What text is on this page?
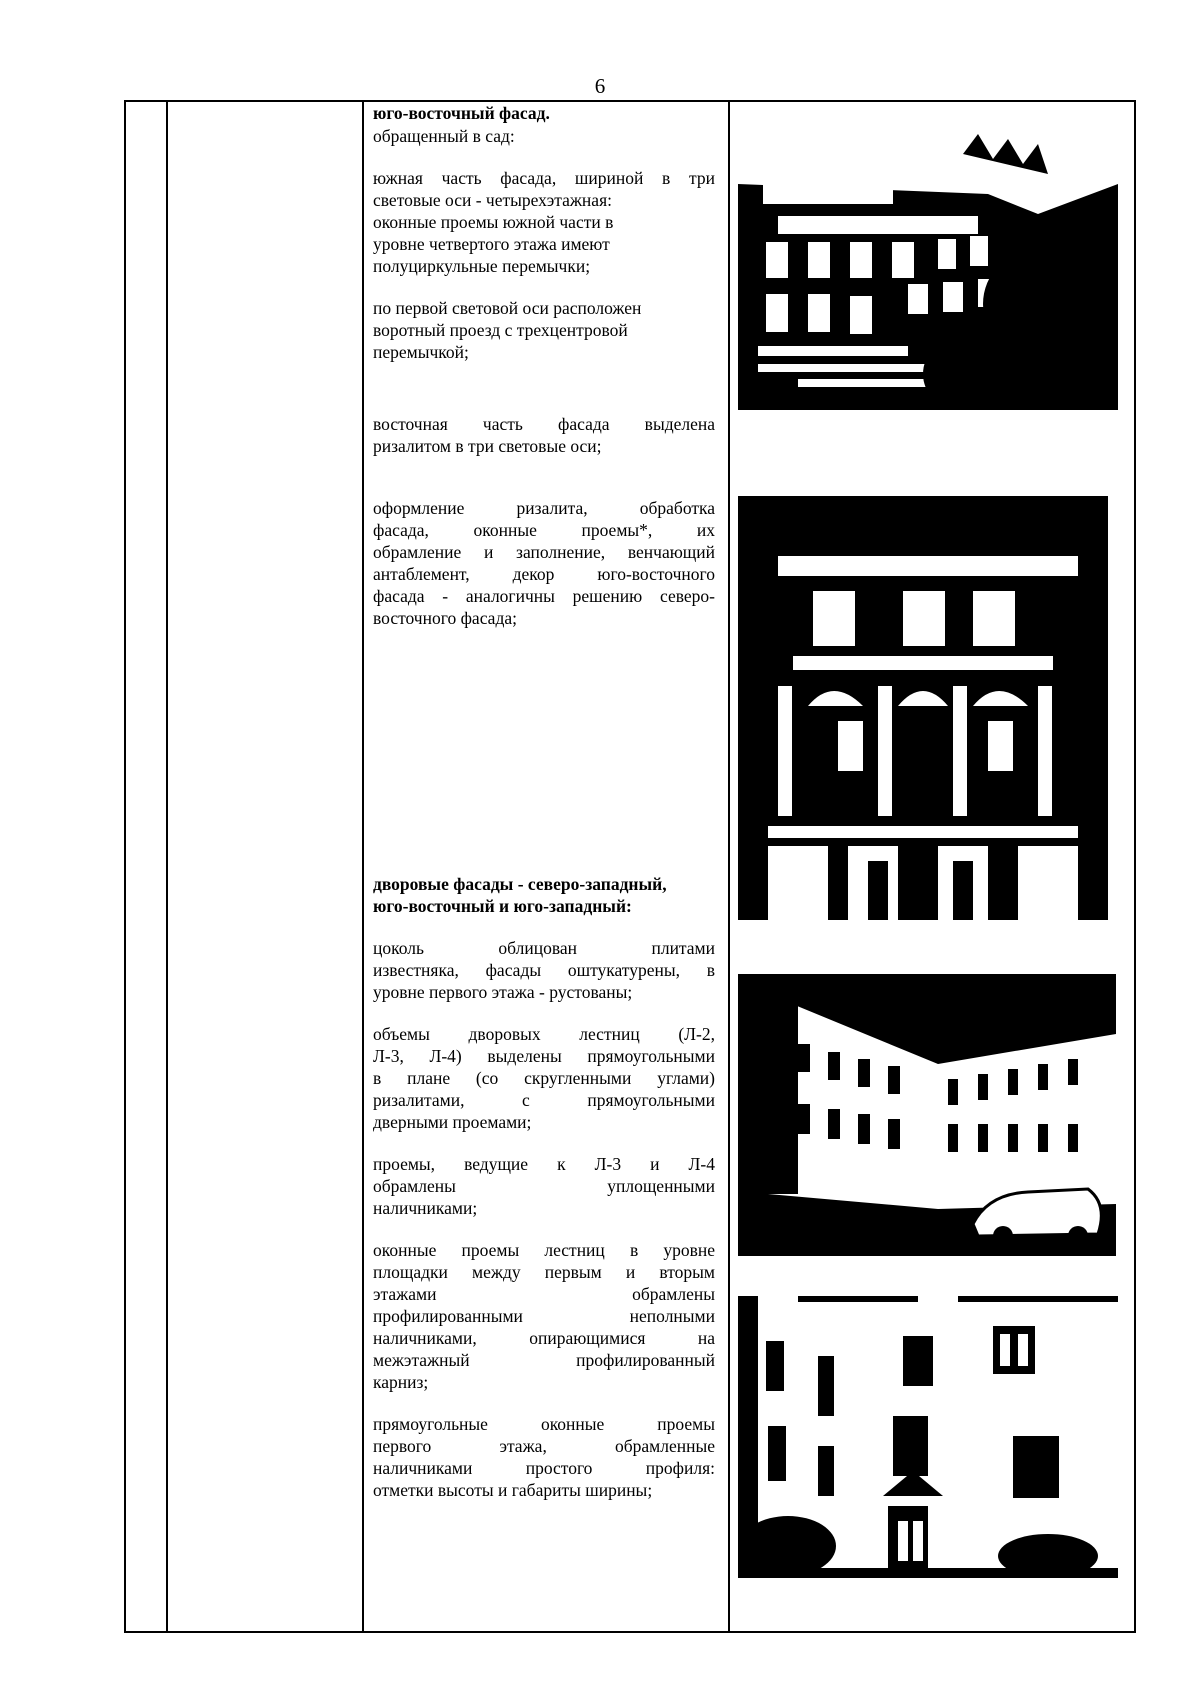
6

юго-восточный фасад.

обращенный в сад:

южная часть фасада, шириной в три
световые оси - четырехэтажная:
оконные проемы южной части в
уровне четвертого этажа имеют
полуциркульные перемычки;

по первой световой оси расположен
воротный проезд с трехцентровой
перемычкой;

восточная часть фасада выделена
ризалитом в три световые оси;

оформление ризалита, обработка
фасада, оконные проемы*, их
обрамление и заполнение, венчающий
антаблемент, декор юго-восточного
фасада - аналогичны решению северо-
восточного фасада;

дворовые фасады - северо-западный,
юго-восточный и юго-западный:

цоколь облицован плитами
известняка, фасады оштукатурены, в
уровне первого этажа - рустованы;

объемы дворовых лестниц (Л-2,
Л-3, Л-4) выделены прямоугольными
в плане (со скругленными углами)
ризалитами, с прямоугольными
дверными проемами;

проемы, ведущие к Л-3 и Л-4
обрамлены уплощенными
наличниками;

оконные проемы лестниц в уровне
площадки между первым и вторым
этажами обрамлены
профилированными неполными
наличниками, опирающимися на
межэтажный профилированный
карниз;

прямоугольные оконные проемы
первого этажа, обрамленные
наличниками простого профиля:
отметки высоты и габариты ширины;
